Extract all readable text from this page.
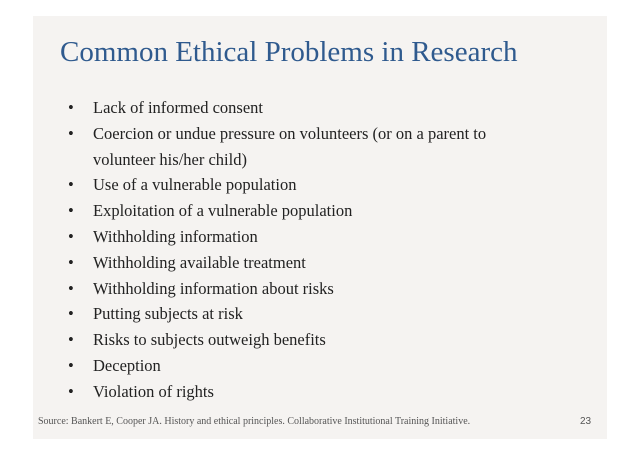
Common Ethical Problems in Research
• Lack of informed consent
• Coercion or undue pressure on volunteers (or on a parent to volunteer his/her child)
• Use of a vulnerable population
• Exploitation of a vulnerable population
• Withholding information
• Withholding available treatment
• Withholding information about risks
• Putting subjects at risk
• Risks to subjects outweigh benefits
• Deception
• Violation of rights

Source: Bankert E, Cooper JA. History and ethical principles. Collaborative Institutional Training Initiative.	23
